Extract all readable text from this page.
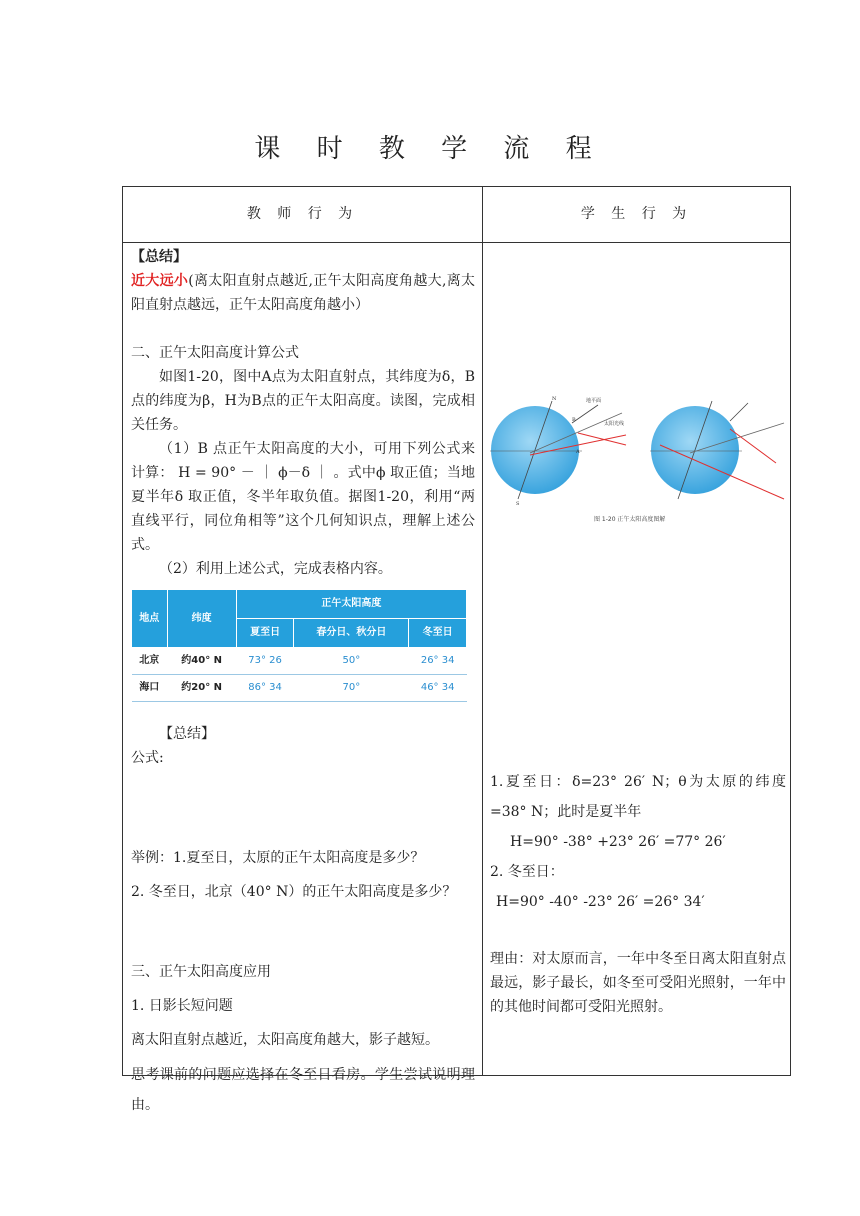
课 时 教 学 流 程
教 师 行 为	学 生 行 为

【总结】

近大远小(离太阳直射点越近,正午太阳高度角越大,离太阳直射点越远，正午太阳高度角越小）

二、正午太阳高度计算公式

如图1-20，图中A点为太阳直射点，其纬度为δ，B点的纬度为β，H为B点的正午太阳高度。读图，完成相关任务。

（1）B 点正午太阳高度的大小，可用下列公式来计算： H = 90° － ｜ ϕ－δ ｜ 。式中ϕ 取正值；当地夏半年δ 取正值，冬半年取负值。据图1-20，利用“两直线平行，同位角相等”这个几何知识点，理解上述公式。

（2）利用上述公式，完成表格内容。

地点	纬度	正午太阳高度		
		夏至日	春分日、秋分日	冬至日
北京	约40° N	73° 26	50°	26° 34
海口	约20° N	86° 34	70°	46° 34

【总结】

公式:

举例：1.夏至日，太原的正午太阳高度是多少？

2. 冬至日，北京（40° N）的正午太阳高度是多少？

三、正午太阳高度应用

1. 日影长短问题

离太阳直射点越近，太阳高度角越大，影子越短。

思考课前的问题应选择在冬至日看房。学生尝试说明理由。

N
S
A
B
地平面
太阳光线
图 1-20 正午太阳高度图解

1.夏至日：δ=23° 26′ N；θ为太原的纬度=38° N；此时是夏半年

H=90° -38° +23° 26′ =77° 26′

2. 冬至日：

H=90° -40° -23° 26′ =26° 34′

理由：对太原而言，一年中冬至日离太阳直射点最远，影子最长，如冬至可受阳光照射，一年中的其他时间都可受阳光照射。
